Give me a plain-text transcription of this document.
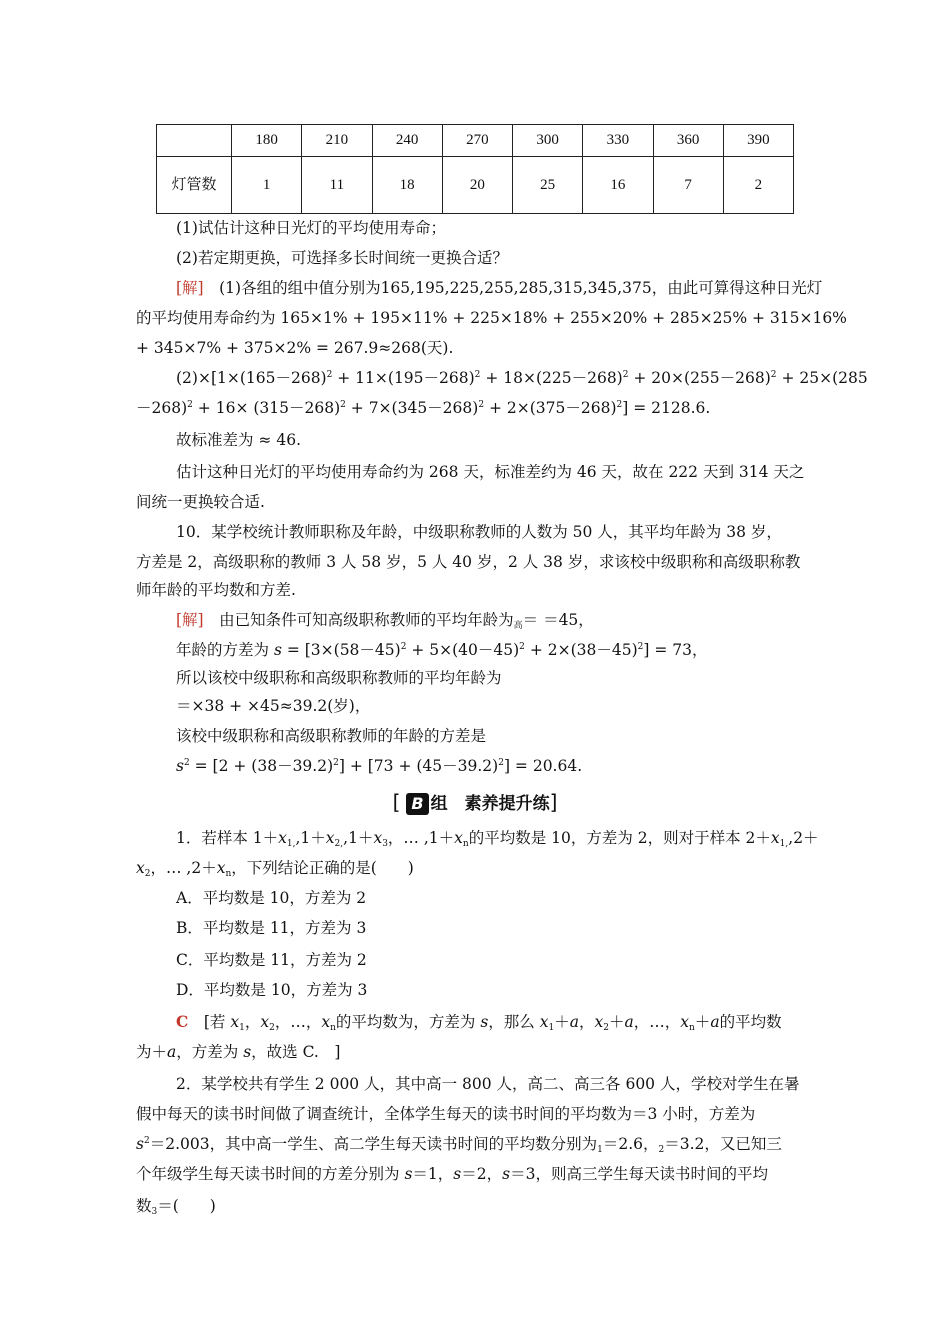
	180	210	240	270	300	330	360	390
灯管数	1	11	18	20	25	16	7	2
(1)试估计这种日光灯的平均使用寿命；
(2)若定期更换，可选择多长时间统一更换合适？
[解]　(1)各组的组中值分别为165,195,225,255,285,315,345,375，由此可算得这种日光灯
的平均使用寿命约为 165×1% + 195×11% + 225×18% + 255×20% + 285×25% + 315×16%
+ 345×7% + 375×2% = 267.9≈268(天).
$(2)\times[1\times(165-268)^2 + 11\times(195-268)^2 + 18\times(225-268)^2 + 20\times(255-268)^2 + 25\times(285$
$-268)^2 + 16\times (315-268)^2 + 7\times(345-268)^2 + 2\times(375-268)^2] = 2128.6$.
故标准差为 ≈ 46.
估计这种日光灯的平均使用寿命约为 268 天，标准差约为 46 天，故在 222 天到 314 天之
间统一更换较合适.
10．某学校统计教师职称及年龄，中级职称教师的人数为 50 人，其平均年龄为 38 岁，
方差是 2，高级职称的教师 3 人 58 岁，5 人 40 岁，2 人 38 岁，求该校中级职称和高级职称教
师年龄的平均数和方差.
[解]　由已知条件可知高级职称教师的平均年龄为$_高$＝ ＝45，
年龄的方差为 $s = [3\times(58-45)^2 + 5\times(40-45)^2 + 2\times(38-45)^2] = 73$，
所以该校中级职称和高级职称教师的平均年龄为
＝×38 + ×45≈39.2(岁)，
该校中级职称和高级职称教师的年龄的方差是
$s^2 = [2 + (38-39.2)^2] + [73 + (45-39.2)^2] = 20.64$.
[ B 组　素养提升练]
1．若样本 $1+x_{1,},1+x_{2,},1+x_3$，… $,1+x_n$的平均数是 10，方差为 2，则对于样本 $2+x_{1,},2+$
$x_2$，… $,2+x_n$，下列结论正确的是(　　)
A．平均数是 10，方差为 2
B．平均数是 11，方差为 3
C．平均数是 11，方差为 2
D．平均数是 10，方差为 3
C　[若 $x_1$，$x_2$，…，$x_n$的平均数为，方差为 s，那么 $x_1+a$，$x_2+a$，…，$x_n+a$的平均数
为＋a，方差为 s，故选 C.　]
2．某学校共有学生 2 000 人，其中高一 800 人，高二、高三各 600 人，学校对学生在暑
假中每天的读书时间做了调查统计，全体学生每天的读书时间的平均数为＝3 小时，方差为
$s^2=2.003$，其中高一学生、高二学生每天读书时间的平均数分别为$_1$＝2.6，$_2$＝3.2，又已知三
个年级学生每天读书时间的方差分别为 s＝1，s＝2，s＝3，则高三学生每天读书时间的平均
数$_3$＝(　　)
